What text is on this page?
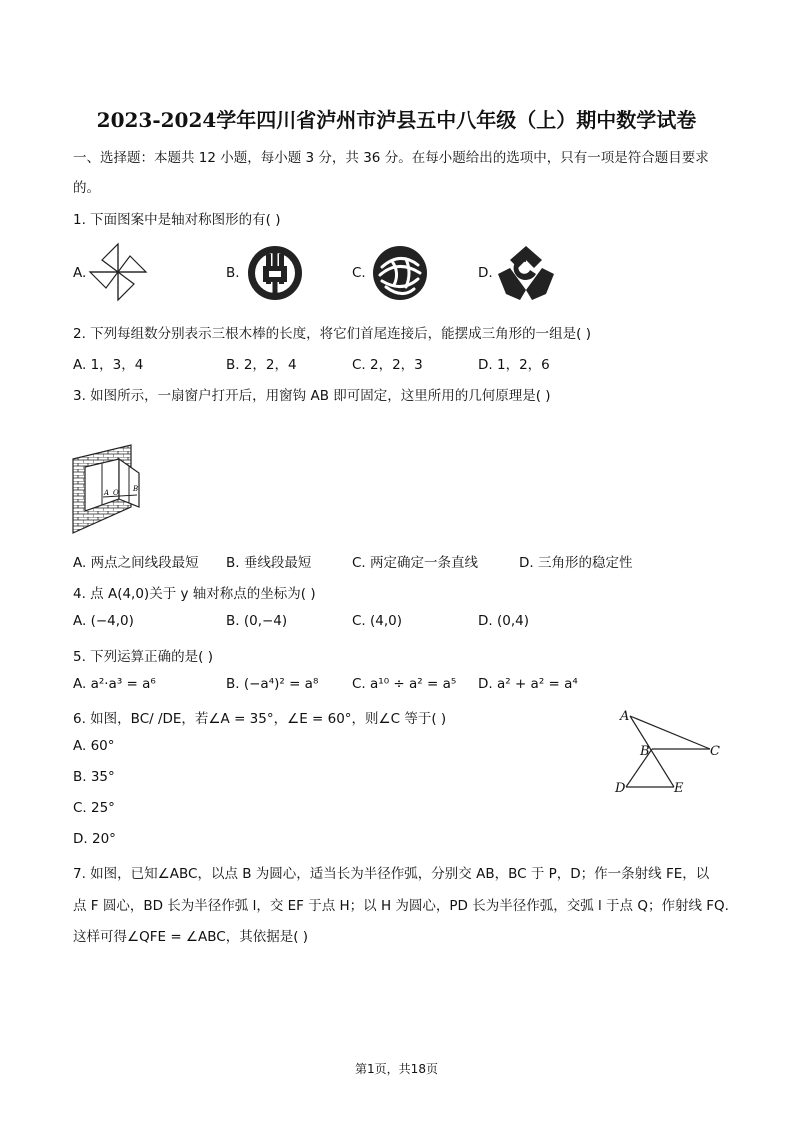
2023-2024学年四川省泸州市泸县五中八年级（上）期中数学试卷
一、选择题：本题共 12 小题，每小题 3 分，共 36 分。在每小题给出的选项中，只有一项是符合题目要求
的。
1. 下面图案中是轴对称图形的有( )
A.	B.	C.	D.
2. 下列每组数分别表示三根木棒的长度，将它们首尾连接后，能摆成三角形的一组是( )
A. 1，3，4	B. 2，2，4	C. 2，2，3	D. 1，2，6
3. 如图所示，一扇窗户打开后，用窗钩 AB 即可固定，这里所用的几何原理是( )
A O B
A. 两点之间线段最短 B. 垂线段最短	C. 两定确定一条直线	D. 三角形的稳定性
4. 点 A(4,0)关于 y 轴对称点的坐标为( )
A. (−4,0)	B. (0,−4)	C. (4,0)	D. (0,4)
5. 下列运算正确的是( )
A. a²·a³ = a⁶	B. (−a⁴)² = a⁸ C. a¹⁰ ÷ a² = a⁵ D. a² + a² = a⁴
6. 如图，BC/ /DE，若∠A = 35°，∠E = 60°，则∠C 等于( )
A. 60°
B. 35°
C. 25°
D. 20°
A
B	C
D	E
7. 如图，已知∠ABC，以点 B 为圆心，适当长为半径作弧，分别交 AB，BC 于 P，D；作一条射线 FE，以
点 F 圆心，BD 长为半径作弧 l，交 EF 于点 H；以 H 为圆心，PD 长为半径作弧，交弧 l 于点 Q；作射线 FQ.
这样可得∠QFE = ∠ABC，其依据是( )
第1页，共18页
